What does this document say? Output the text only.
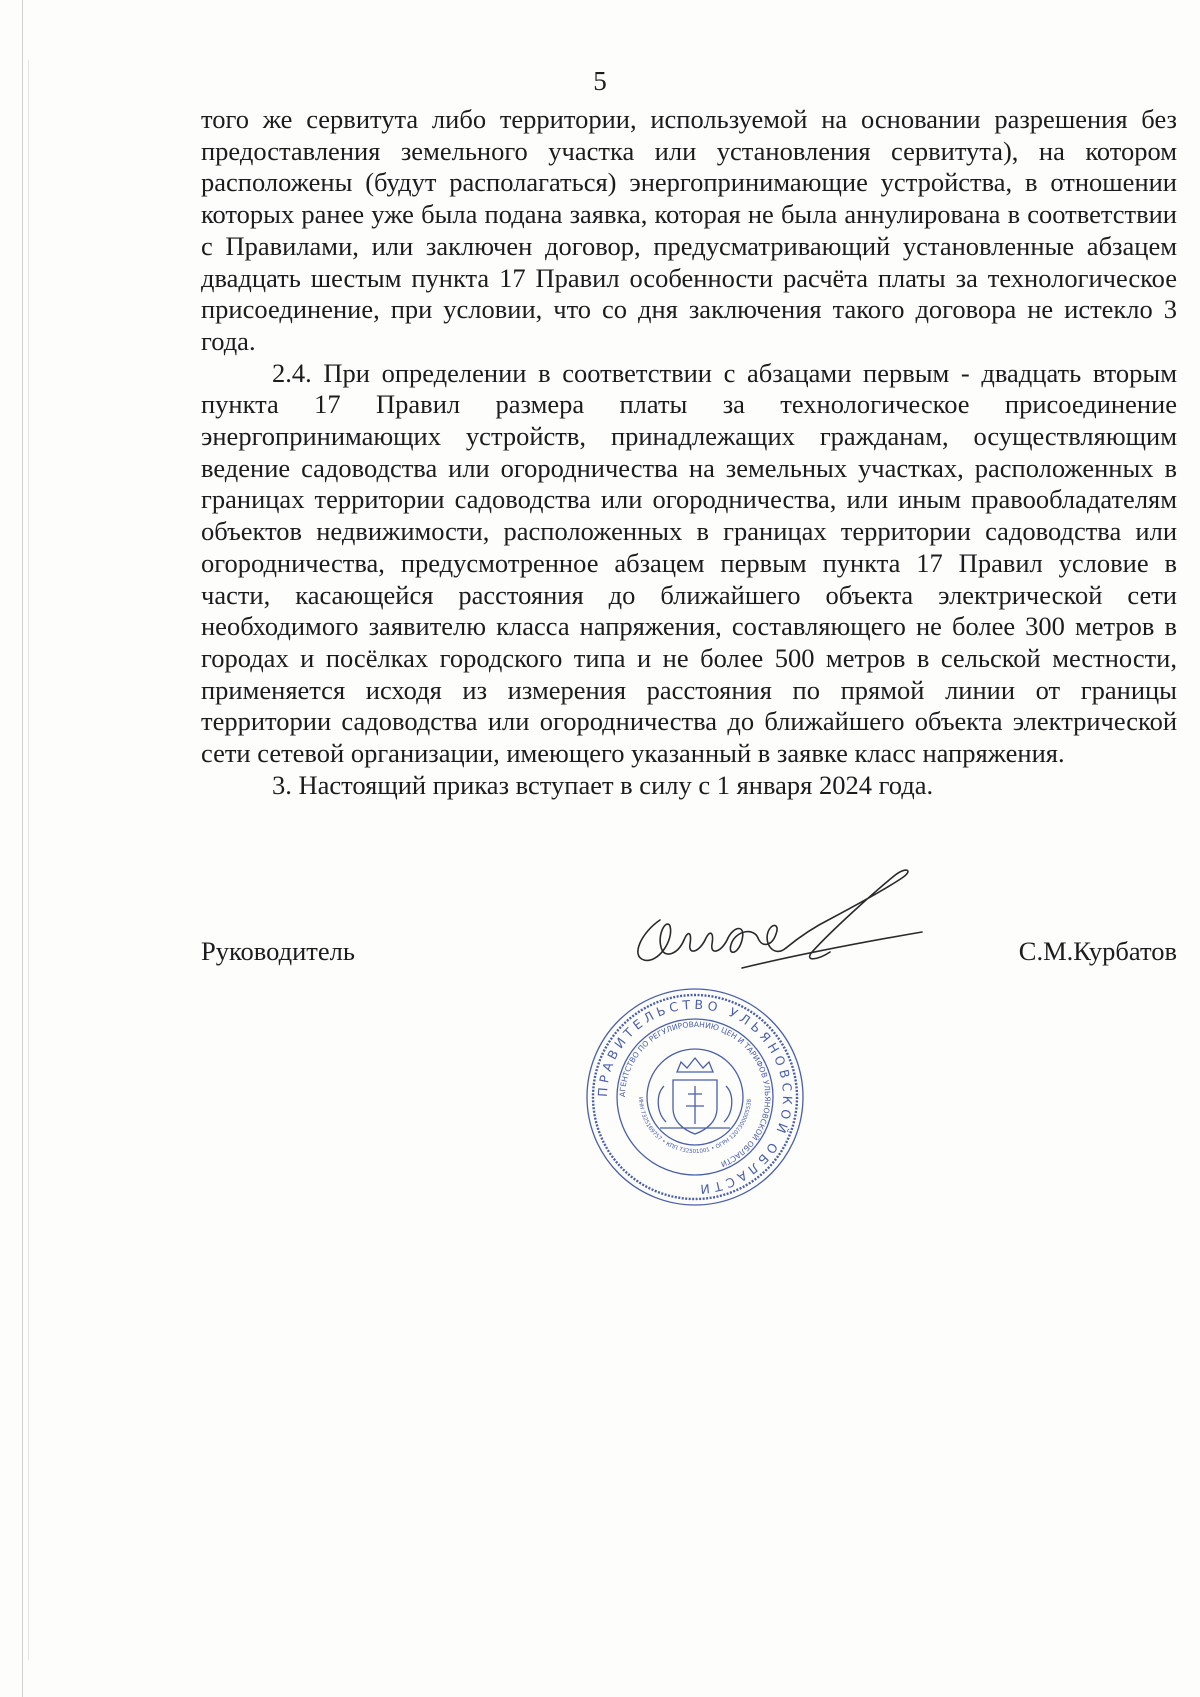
5

того же сервитута либо территории, используемой на основании разрешения без предоставления земельного участка или установления сервитута), на котором расположены (будут располагаться) энергопринимающие устройства, в отношении которых ранее уже была подана заявка, которая не была аннулирована в соответствии с Правилами, или заключен договор, предусматривающий установленные абзацем двадцать шестым пункта 17 Правил особенности расчёта платы за технологическое присоединение, при условии, что со дня заключения такого договора не истекло 3 года.

2.4. При определении в соответствии с абзацами первым - двадцать вторым пункта 17 Правил размера платы за технологическое присоединение энергопринимающих устройств, принадлежащих гражданам, осуществляющим ведение садоводства или огородничества на земельных участках, расположенных в границах территории садоводства или огородничества, или иным правообладателям объектов недвижимости, расположенных в границах территории садоводства или огородничества, предусмотренное абзацем первым пункта 17 Правил условие в части, касающейся расстояния до ближайшего объекта электрической сети необходимого заявителю класса напряжения, составляющего не более 300 метров в городах и посёлках городского типа и не более 500 метров в сельской местности, применяется исходя из измерения расстояния по прямой линии от границы территории садоводства или огородничества до ближайшего объекта электрической сети сетевой организации, имеющего указанный в заявке класс напряжения.

3. Настоящий приказ вступает в силу с 1 января 2024 года.

Руководитель	С.М.Курбатов
ПРАВИТЕЛЬСТВО УЛЬЯНОВСКОЙ ОБЛАСТИ
АГЕНТСТВО ПО РЕГУЛИРОВАНИЮ ЦЕН И ТАРИФОВ УЛЬЯНОВСКОЙ ОБЛАСТИ
ИНН 7325169757 • КПП 732501001 • ОГРН 1207300005538
